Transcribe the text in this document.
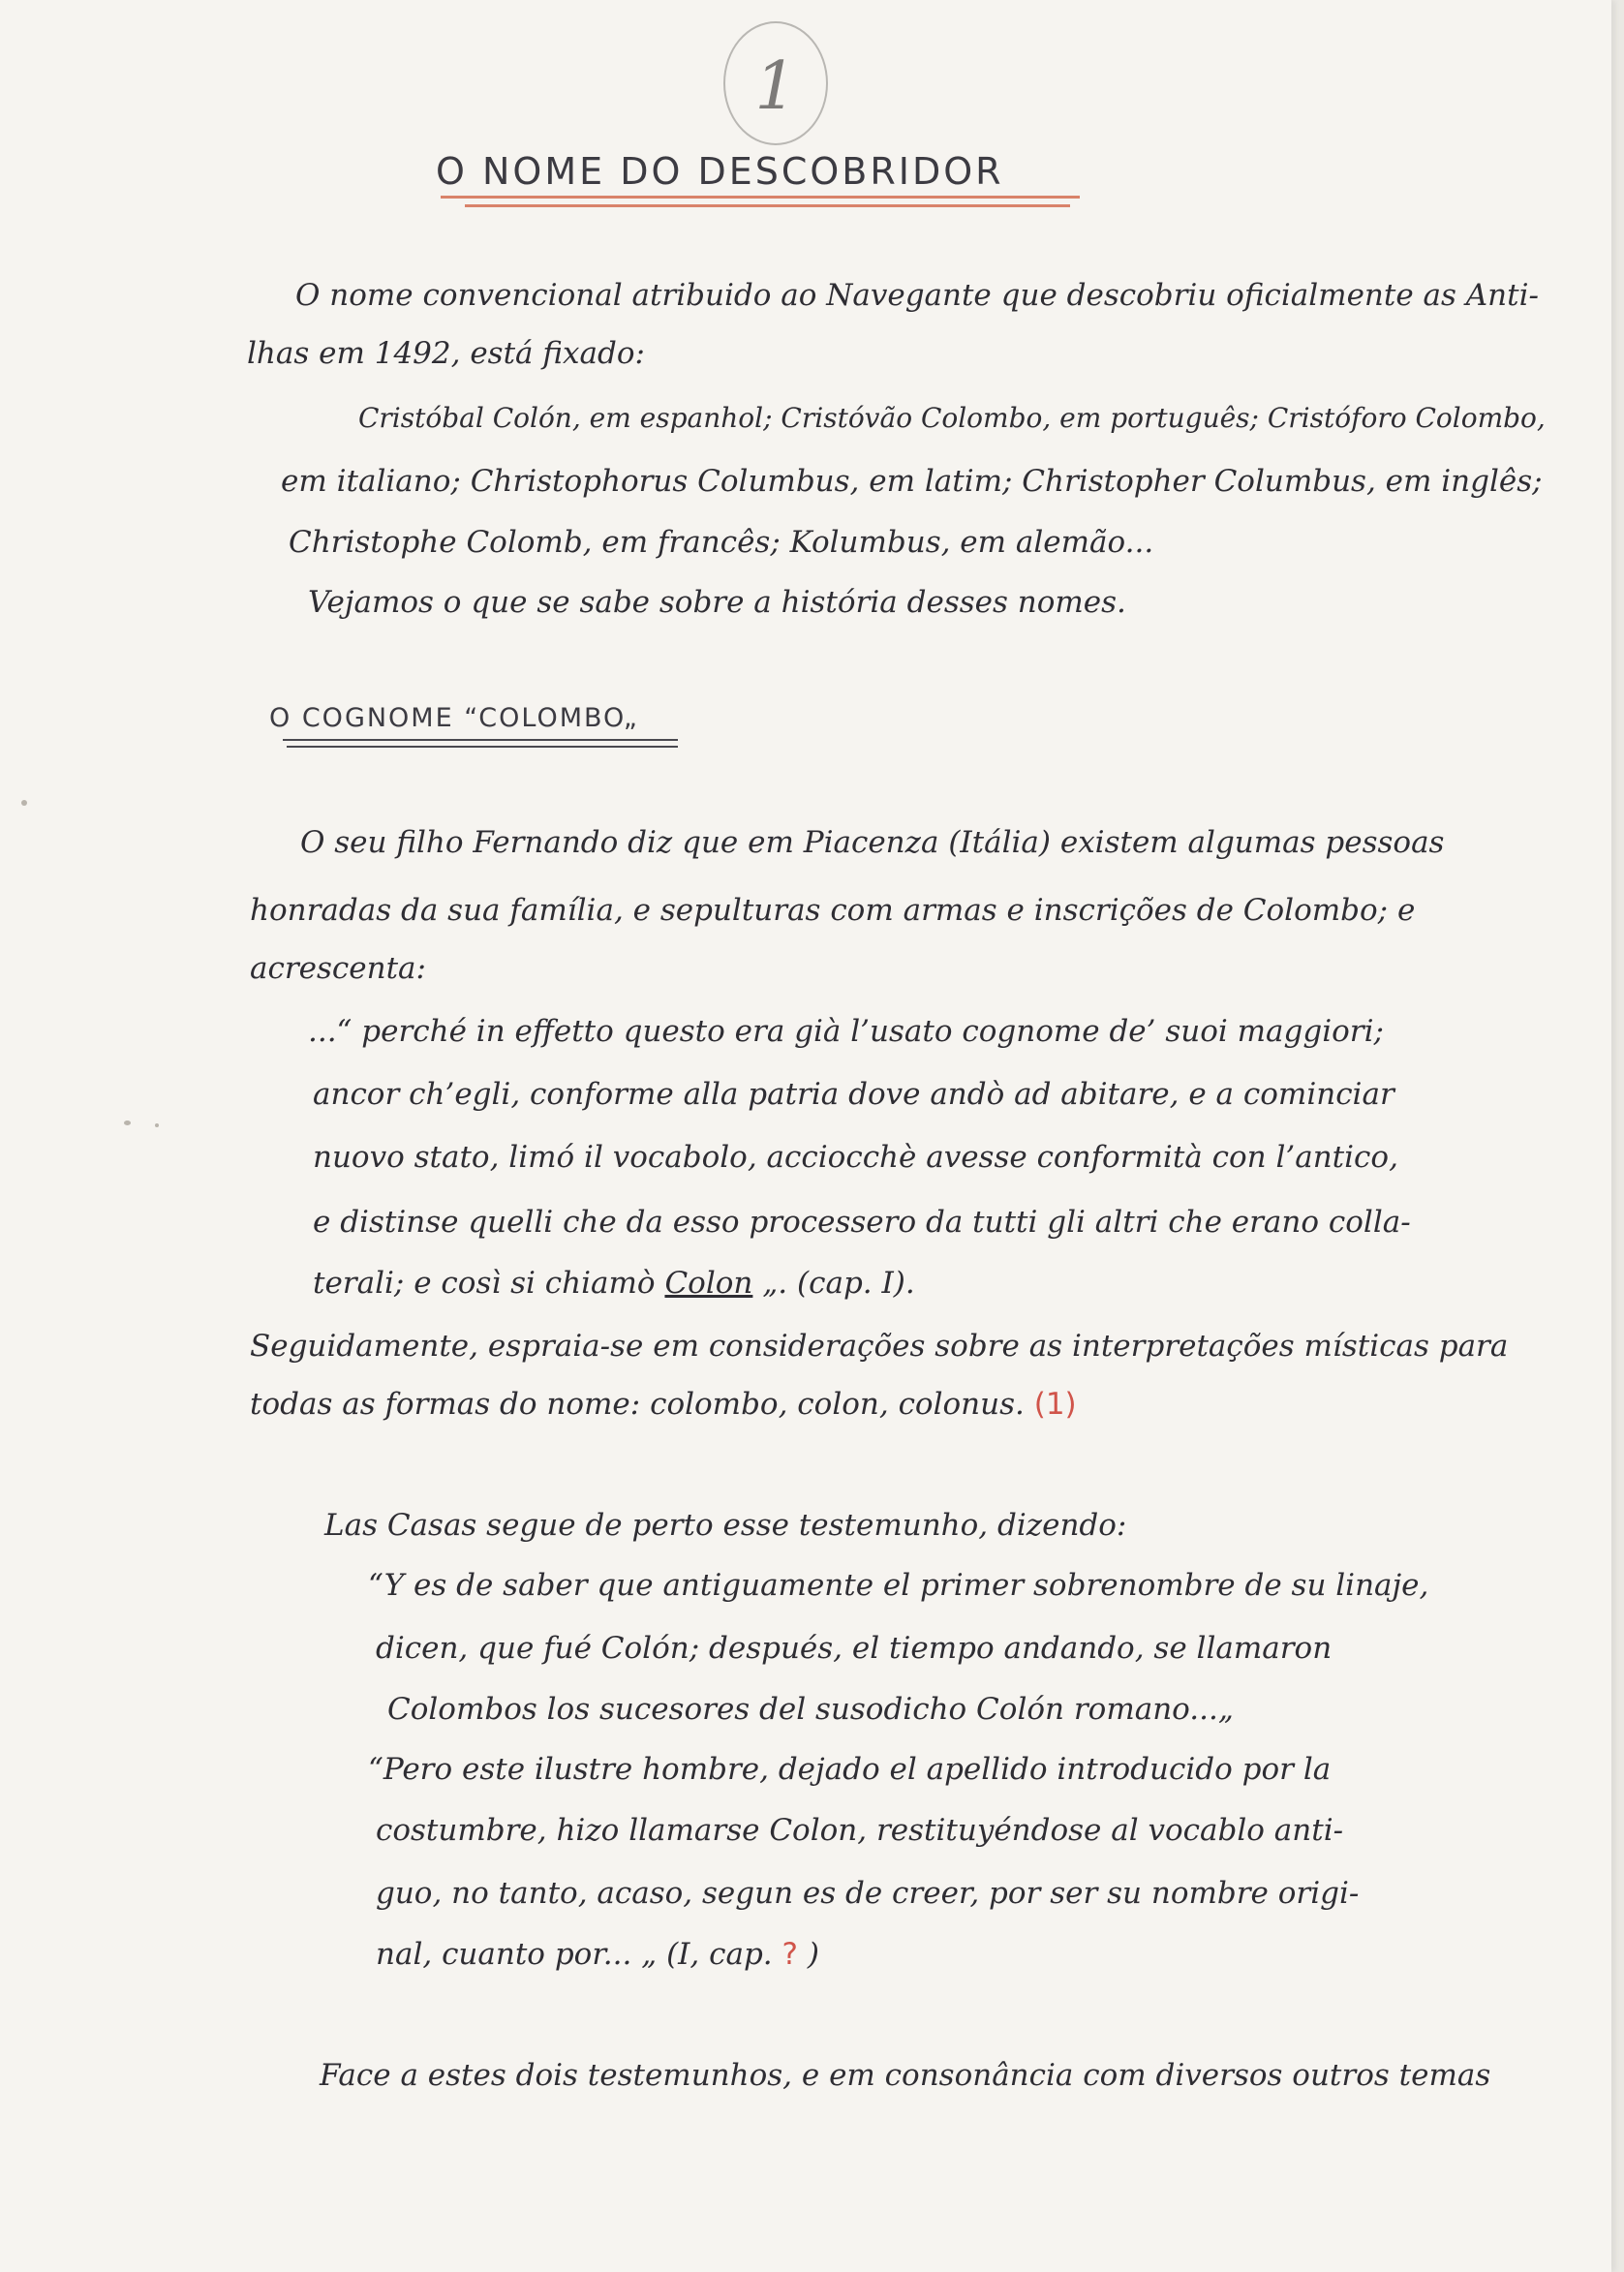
1
O NOME DO DESCOBRIDOR
O nome convencional atribuido ao Navegante que descobriu oficialmente as Anti-
lhas em 1492, está fixado:
Cristóbal Colón, em espanhol; Cristóvão Colombo, em português; Cristóforo Colombo,
em italiano; Christophorus Columbus, em latim; Christopher Columbus, em inglês;
Christophe Colomb, em francês; Kolumbus, em alemão...
Vejamos o que se sabe sobre a história desses nomes.
O COGNOME “COLOMBO„
O seu filho Fernando diz que em Piacenza (Itália) existem algumas pessoas
honradas da sua família, e sepulturas com armas e inscrições de Colombo; e
acrescenta:
...“ perché in effetto questo era già l’usato cognome de’ suoi maggiori;
ancor ch’egli, conforme alla patria dove andò ad abitare, e a cominciar
nuovo stato, limó il vocabolo, acciocchè avesse conformità con l’antico,
e distinse quelli che da esso processero da tutti gli altri che erano colla-
terali; e così si chiamò Colon „. (cap. I).
Seguidamente, espraia-se em considerações sobre as interpretações místicas para
todas as formas do nome: colombo, colon, colonus. (1)
Las Casas segue de perto esse testemunho, dizendo:
“Y es de saber que antiguamente el primer sobrenombre de su linaje,
dicen, que fué Colón; después, el tiempo andando, se llamaron
Colombos los sucesores del susodicho Colón romano...„
“Pero este ilustre hombre, dejado el apellido introducido por la
costumbre, hizo llamarse Colon, restituyéndose al vocablo anti-
guo, no tanto, acaso, segun es de creer, por ser su nombre origi-
nal, cuanto por... „ (I, cap. ? )
Face a estes dois testemunhos, e em consonância com diversos outros temas
